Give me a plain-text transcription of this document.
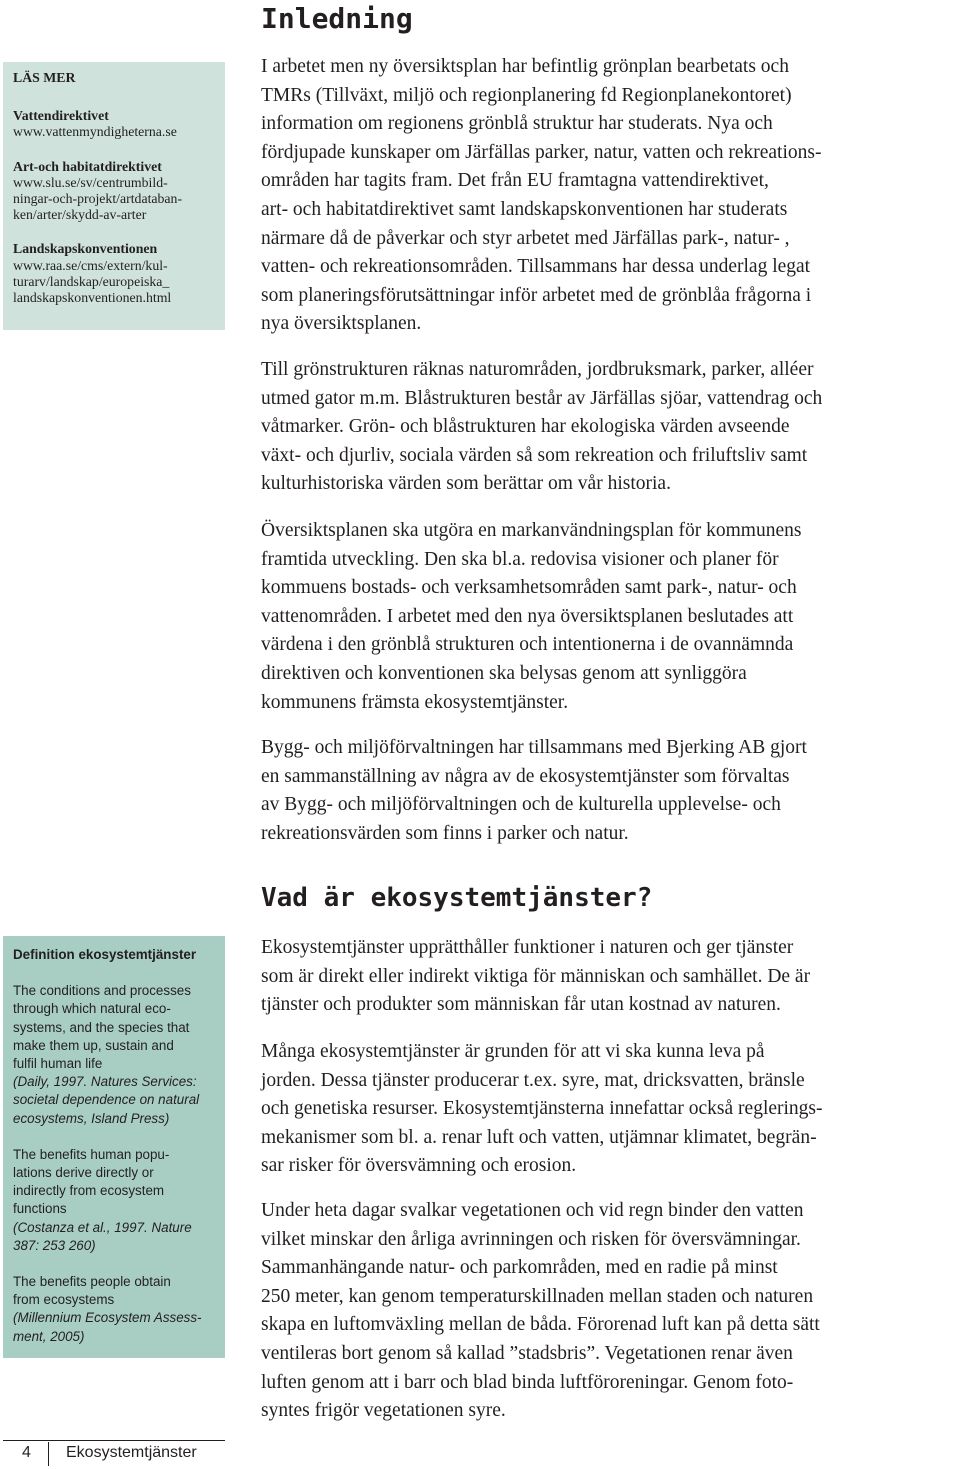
Inledning
I arbetet men ny översiktsplan har befintlig grönplan bearbetats och
TMRs (Tillväxt, miljö och regionplanering fd Regionplanekontoret)
information om regionens grönblå struktur har studerats. Nya och
fördjupade kunskaper om Järfällas parker, natur, vatten och rekreations-
områden har tagits fram. Det från EU framtagna vattendirektivet,
art- och habitatdirektivet samt landskapskonventionen har studerats
närmare då de påverkar och styr arbetet med Järfällas park-, natur- ,
vatten- och rekreationsområden. Tillsammans har dessa underlag legat
som planeringsförutsättningar inför arbetet med de grönblåa frågorna i
nya översiktsplanen.
Till grönstrukturen räknas naturområden, jordbruksmark, parker, alléer
utmed gator m.m. Blåstrukturen består av Järfällas sjöar, vattendrag och
våtmarker. Grön- och blåstrukturen har ekologiska värden avseende
växt- och djurliv, sociala värden så som rekreation och friluftsliv samt
kulturhistoriska värden som berättar om vår historia.
Översiktsplanen ska utgöra en markanvändningsplan för kommunens
framtida utveckling. Den ska bl.a. redovisa visioner och planer för
kommuens bostads- och verksamhetsområden samt park-, natur- och
vattenområden. I arbetet med den nya översiktsplanen beslutades att
värdena i den grönblå strukturen och intentionerna i de ovannämnda
direktiven och konventionen ska belysas genom att synliggöra
kommunens främsta ekosystemtjänster.
Bygg- och miljöförvaltningen har tillsammans med Bjerking AB gjort
en sammanställning av några av de ekosystemtjänster som förvaltas
av Bygg- och miljöförvaltningen och de kulturella upplevelse- och
rekreationsvärden som finns i parker och natur.
Vad är ekosystemtjänster?
Ekosystemtjänster upprätthåller funktioner i naturen och ger tjänster
som är direkt eller indirekt viktiga för människan och samhället. De är
tjänster och produkter som människan får utan kostnad av naturen.
Många ekosystemtjänster är grunden för att vi ska kunna leva på
jorden. Dessa tjänster producerar t.ex. syre, mat, dricksvatten, bränsle
och genetiska resurser. Ekosystemtjänsterna innefattar också reglerings-
mekanismer som bl. a. renar luft och vatten, utjämnar klimatet, begrän-
sar risker för översvämning och erosion.
Under heta dagar svalkar vegetationen och vid regn binder den vatten
vilket minskar den årliga avrinningen och risken för översvämningar.
Sammanhängande natur- och parkområden, med en radie på minst
250 meter, kan genom temperaturskillnaden mellan staden och naturen
skapa en luftomväxling mellan de båda. Förorenad luft kan på detta sätt
ventileras bort genom så kallad ”stadsbris”. Vegetationen renar även
luften genom att i barr och blad binda luftföroreningar. Genom foto-
syntes frigör vegetationen syre.
LÄS MER
Vattendirektivet
www.vattenmyndigheterna.se
Art-och habitatdirektivet
www.slu.se/sv/centrumbild-
ningar-och-projekt/artdataban-
ken/arter/skydd-av-arter
Landskapskonventionen
www.raa.se/cms/extern/kul-
turarv/landskap/europeiska_
landskapskonventionen.html
Definition ekosystemtjänster
The conditions and processes
through which natural eco-
systems, and the species that
make them up, sustain and
fulfil human life
(Daily, 1997. Natures Services:
societal dependence on natural
ecosystems, Island Press)
The benefits human popu-
lations derive directly or
indirectly from ecosystem
functions
(Costanza et al., 1997. Nature
387: 253 260)
The benefits people obtain
from ecosystems
(Millennium Ecosystem Assess-
ment, 2005)
4 Ekosystemtjänster
